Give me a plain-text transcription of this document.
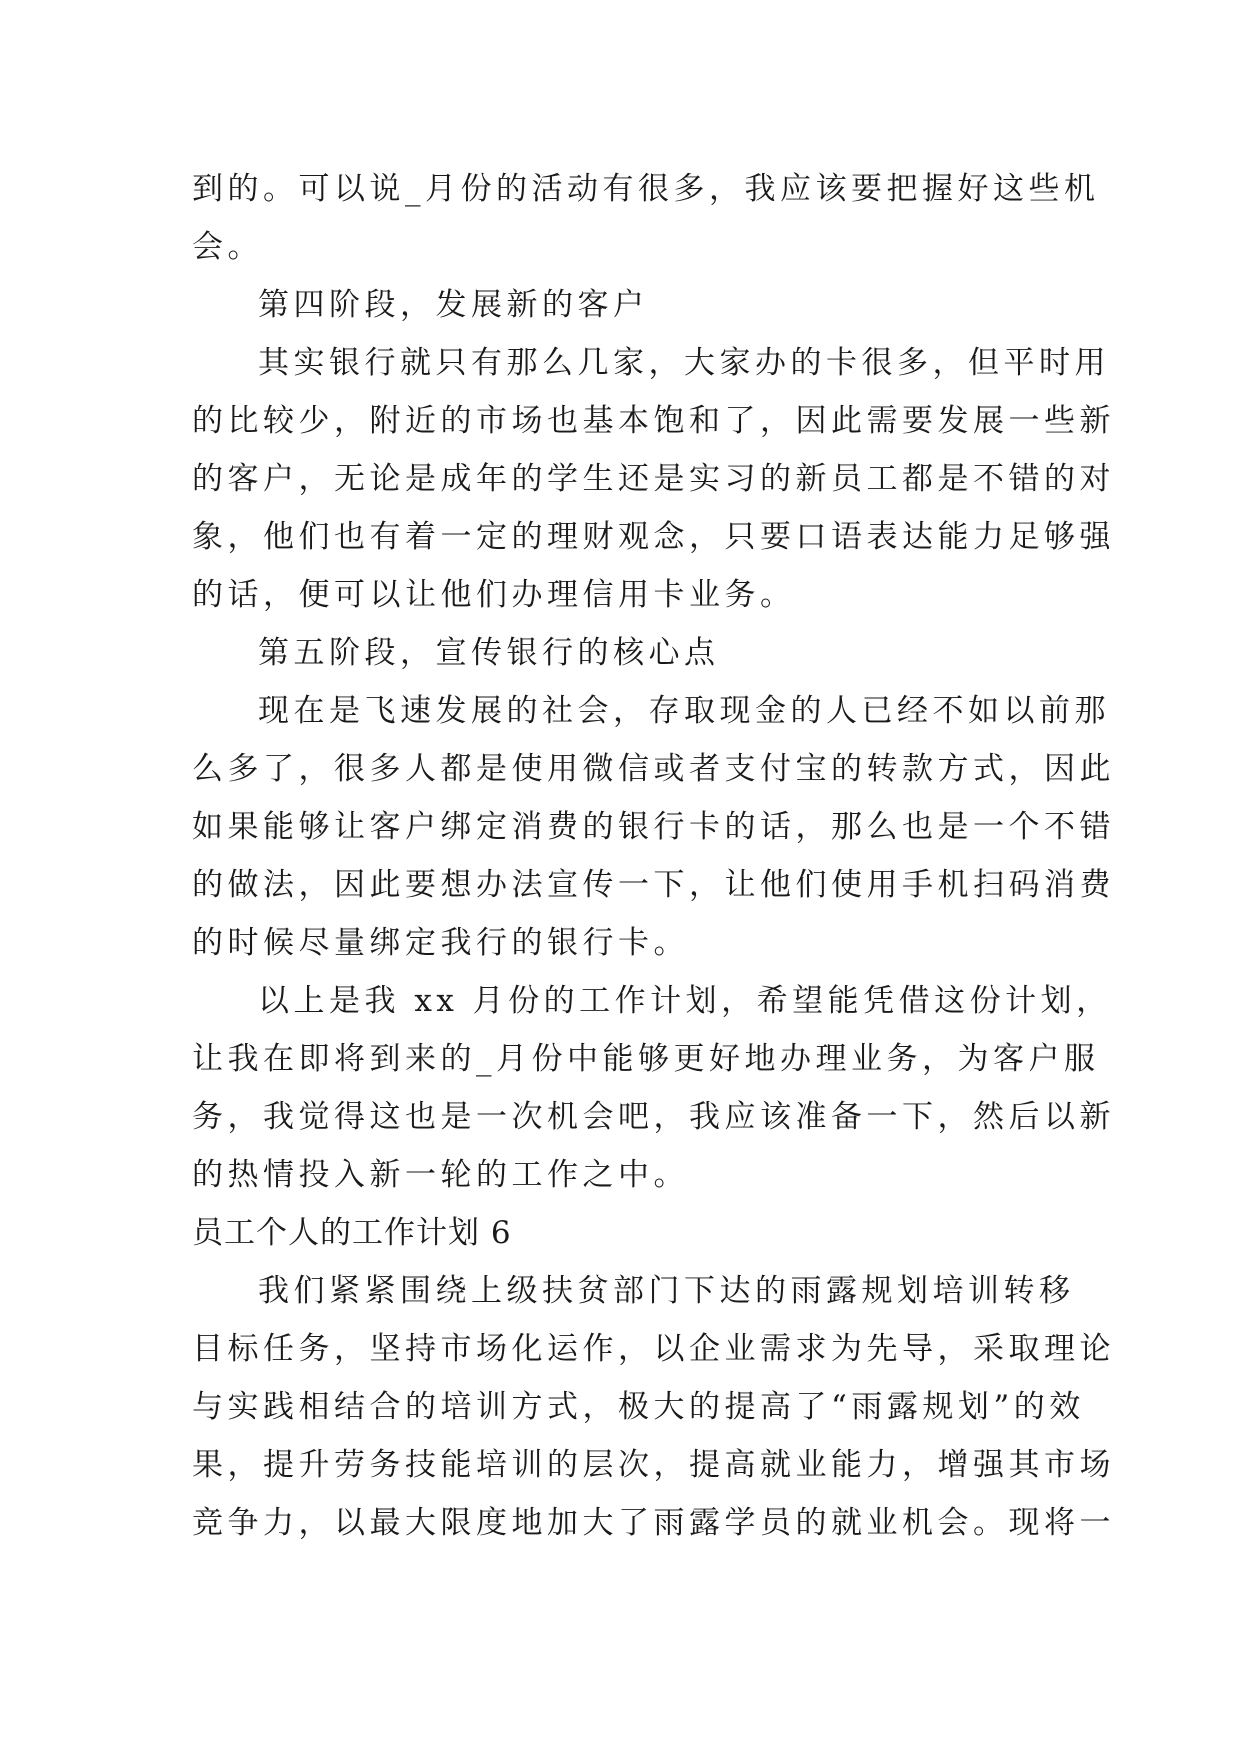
到的。可以说_月份的活动有很多，我应该要把握好这些机
会。
第四阶段，发展新的客户
其实银行就只有那么几家，大家办的卡很多，但平时用
的比较少，附近的市场也基本饱和了，因此需要发展一些新
的客户，无论是成年的学生还是实习的新员工都是不错的对
象，他们也有着一定的理财观念，只要口语表达能力足够强
的话，便可以让他们办理信用卡业务。
第五阶段，宣传银行的核心点
现在是飞速发展的社会，存取现金的人已经不如以前那
么多了，很多人都是使用微信或者支付宝的转款方式，因此
如果能够让客户绑定消费的银行卡的话，那么也是一个不错
的做法，因此要想办法宣传一下，让他们使用手机扫码消费
的时候尽量绑定我行的银行卡。
以上是我 xx 月份的工作计划，希望能凭借这份计划，
让我在即将到来的_月份中能够更好地办理业务，为客户服
务，我觉得这也是一次机会吧，我应该准备一下，然后以新
的热情投入新一轮的工作之中。
员工个人的工作计划 6
我们紧紧围绕上级扶贫部门下达的雨露规划培训转移
目标任务，坚持市场化运作，以企业需求为先导，采取理论
与实践相结合的培训方式，极大的提高了“雨露规划”的效
果，提升劳务技能培训的层次，提高就业能力，增强其市场
竞争力，以最大限度地加大了雨露学员的就业机会。现将一
